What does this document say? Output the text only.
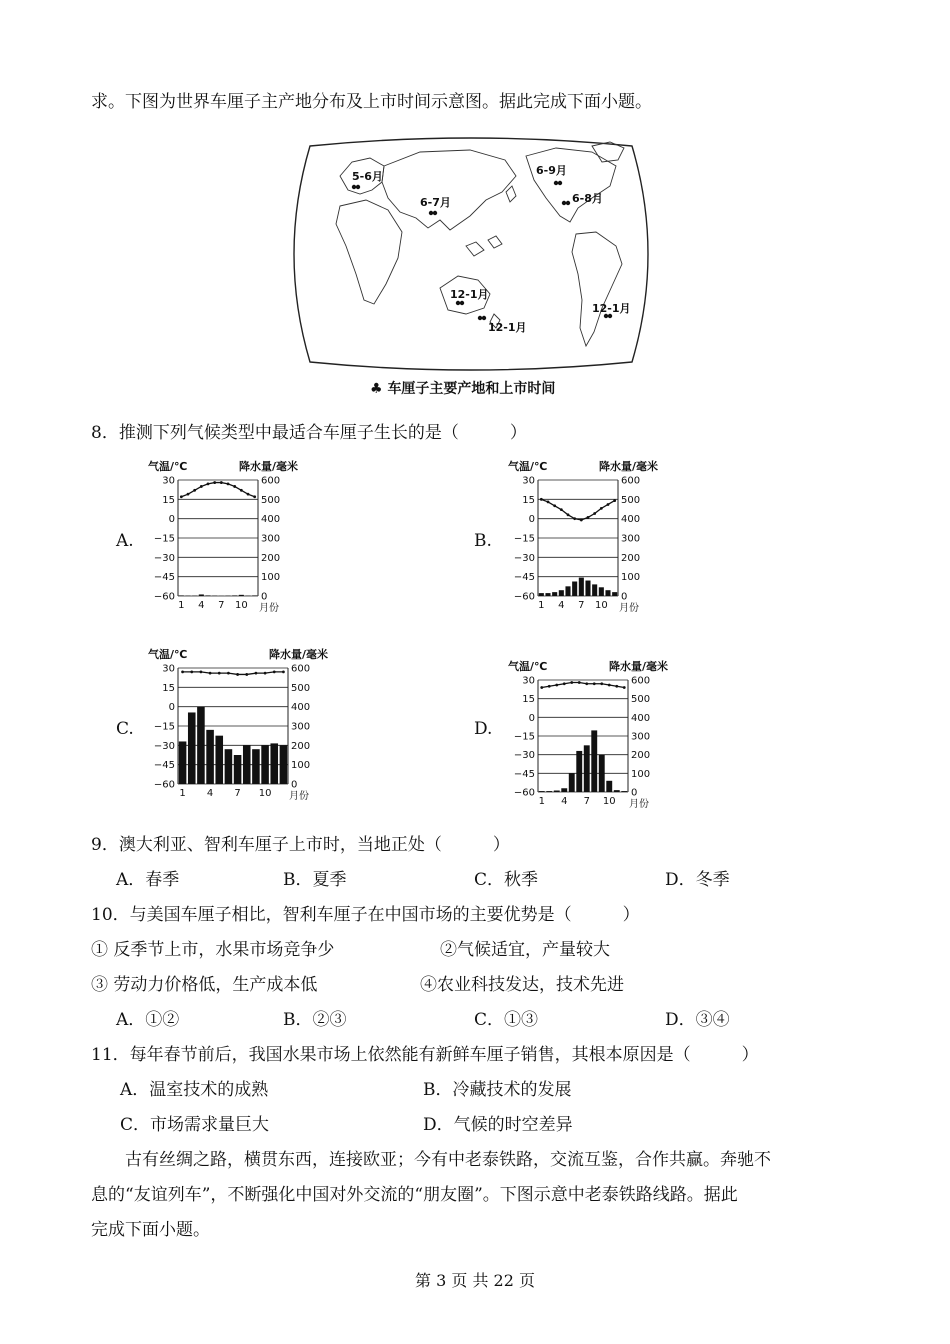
求。下图为世界车厘子主产地分布及上市时间示意图。据此完成下面小题。
5-6月
6-7月
6-9月
6-8月
12-1月
12-1月
12-1月
♣ 车厘子主要产地和上市时间
8．推测下列气候类型中最适合车厘子生长的是（　　　）
A.	B.
C.	D.
气温/℃	降水量/毫米
30	600
15	500
0	400
−15	300
−30	200
−45	100
−60	0
1 4 7 10 月份
气温/℃	降水量/毫米
30	600
15	500
0	400
−15	300
−30	200
−45	100
−60	0
1 4 7 10 月份
气温/℃	降水量/毫米
30	600
15	500
0	400
−15	300
−30	200
−45	100
−60	0
1 4 7 10 月份
气温/℃	降水量/毫米
30	600
15	500
0	400
−15	300
−30	200
−45	100
−60	0
1 4 7 10 月份
9．澳大利亚、智利车厘子上市时，当地正处（　　　）
A．春季	B．夏季	C．秋季	D．冬季
10．与美国车厘子相比，智利车厘子在中国市场的主要优势是（　　　）
① 反季节上市，水果市场竞争少	②气候适宜，产量较大
③ 劳动力价格低，生产成本低	④农业科技发达，技术先进
A．①②	B．②③	C．①③	D．③④
11．每年春节前后，我国水果市场上依然能有新鲜车厘子销售，其根本原因是（　　　）
A．温室技术的成熟	B．冷藏技术的发展
C．市场需求量巨大	D．气候的时空差异
古有丝绸之路，横贯东西，连接欧亚；今有中老泰铁路，交流互鉴，合作共赢。奔驰不
息的“友谊列车”，不断强化中国对外交流的“朋友圈”。下图示意中老泰铁路线路。据此
完成下面小题。
第 3 页 共 22 页
